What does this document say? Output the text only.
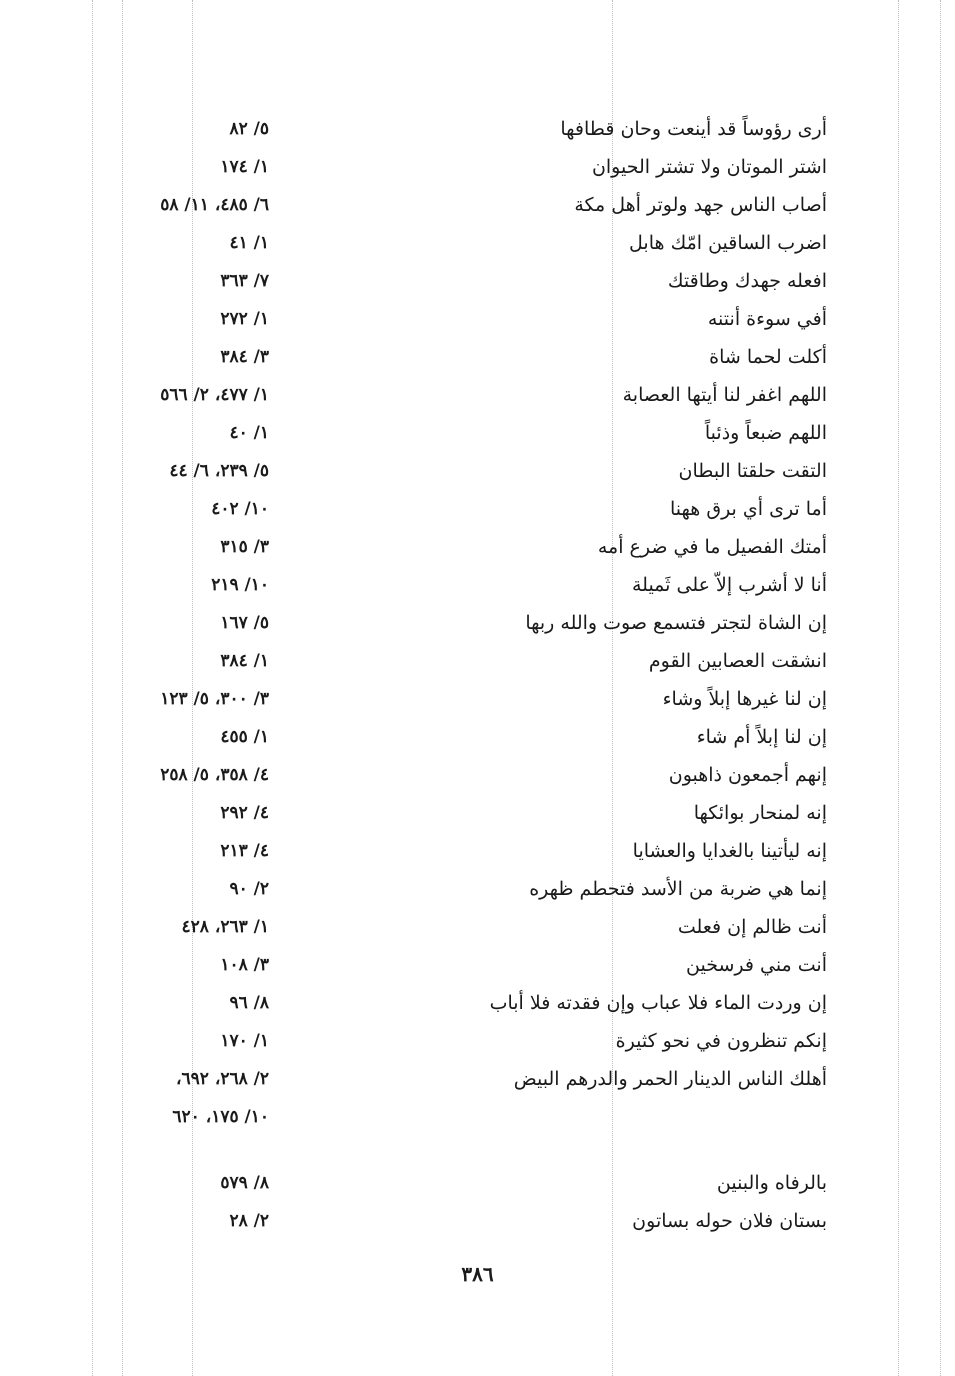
أرى رؤوساً قد أينعت وحان قطافها
٥/ ٨٢
اشتر الموتان ولا تشتر الحيوان
١/ ١٧٤
أصاب الناس جهد ولوتر أهل مكة
٦/ ٤٨٥، ١١/ ٥٨
اضرب الساقين امّك هابل
١/ ٤١
افعله جهدك وطاقتك
٧/ ٣٦٣
أفي سوءة أنتنه
١/ ٢٧٢
أكلت لحما شاة
٣/ ٣٨٤
اللهم اغفر لنا أيتها العصابة
١/ ٤٧٧، ٢/ ٥٦٦
اللهم ضبعاً وذئباً
١/ ٤٠
التقت حلقتا البطان
٥/ ٢٣٩، ٦/ ٤٤
أما ترى أي برق ههنا
١٠/ ٤٠٢
أمتك الفصيل ما في ضرع أمه
٣/ ٣١٥
أنا لا أشرب إلاّ على ثَميلة
١٠/ ٢١٩
إن الشاة لتجتر فتسمع صوت والله ربها
٥/ ١٦٧
انشقت العصابين القوم
١/ ٣٨٤
إن لنا غيرها إبلاً وشاء
٣/ ٣٠٠، ٥/ ١٢٣
إن لنا إبلاً أم شاء
١/ ٤٥٥
إنهم أجمعون ذاهبون
٤/ ٣٥٨، ٥/ ٢٥٨
إنه لمنحار بوائكها
٤/ ٢٩٢
إنه ليأتينا بالغدايا والعشايا
٤/ ٢١٣
إنما هي ضربة من الأسد فتحطم ظهره
٢/ ٩٠
أنت ظالم إن فعلت
١/ ٢٦٣، ٤٢٨
أنت مني فرسخين
٣/ ١٠٨
إن وردت الماء فلا عباب وإن فقدته فلا أباب
٨/ ٩٦
إنكم تنظرون في نحو كثيرة
١/ ١٧٠
أهلك الناس الدينار الحمر والدرهم البيض
٢/ ٢٦٨، ٦٩٢،
١٠/ ١٧٥، ٦٢٠
بالرفاه والبنين
٨/ ٥٧٩
بستان فلان حوله بساتون
٢/ ٢٨
٣٨٦
